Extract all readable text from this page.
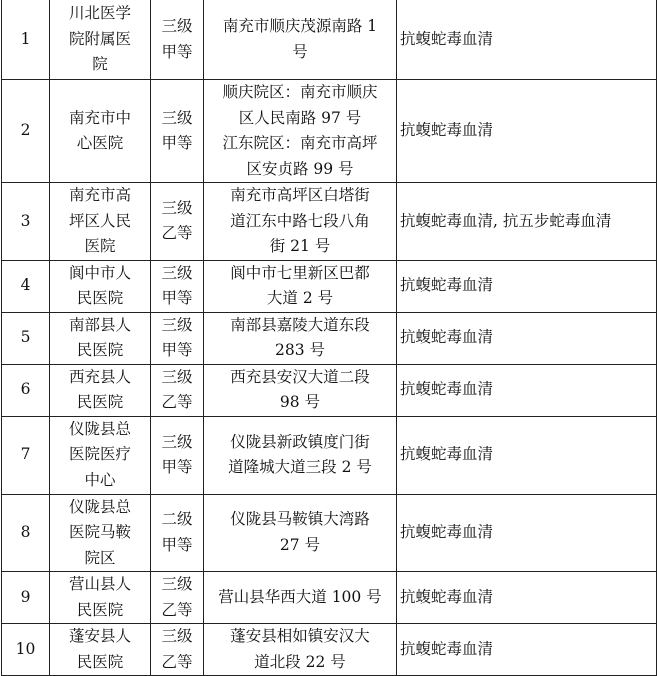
1	川北医学
院附属医
院	三级
甲等	南充市顺庆茂源南路 1
号	抗蝮蛇毒血清
2	南充市中
心医院	三级
甲等	顺庆院区：南充市顺庆
区人民南路 97 号
江东院区：南充市高坪
区安贞路 99 号	抗蝮蛇毒血清
3	南充市高
坪区人民
医院	三级
乙等	南充市高坪区白塔街
道江东中路七段八角
街 21 号	抗蝮蛇毒血清, 抗五步蛇毒血清
4	阆中市人
民医院	三级
甲等	阆中市七里新区巴都
大道 2 号	抗蝮蛇毒血清
5	南部县人
民医院	三级
甲等	南部县嘉陵大道东段
283 号	抗蝮蛇毒血清
6	西充县人
民医院	三级
乙等	西充县安汉大道二段
98 号	抗蝮蛇毒血清
7	仪陇县总
医院医疗
中心	三级
甲等	仪陇县新政镇度门街
道隆城大道三段 2 号	抗蝮蛇毒血清
8	仪陇县总
医院马鞍
院区	二级
甲等	仪陇县马鞍镇大湾路
27 号	抗蝮蛇毒血清
9	营山县人
民医院	三级
乙等	营山县华西大道 100 号	抗蝮蛇毒血清
10	蓬安县人
民医院	三级
乙等	蓬安县相如镇安汉大
道北段 22 号	抗蝮蛇毒血清
